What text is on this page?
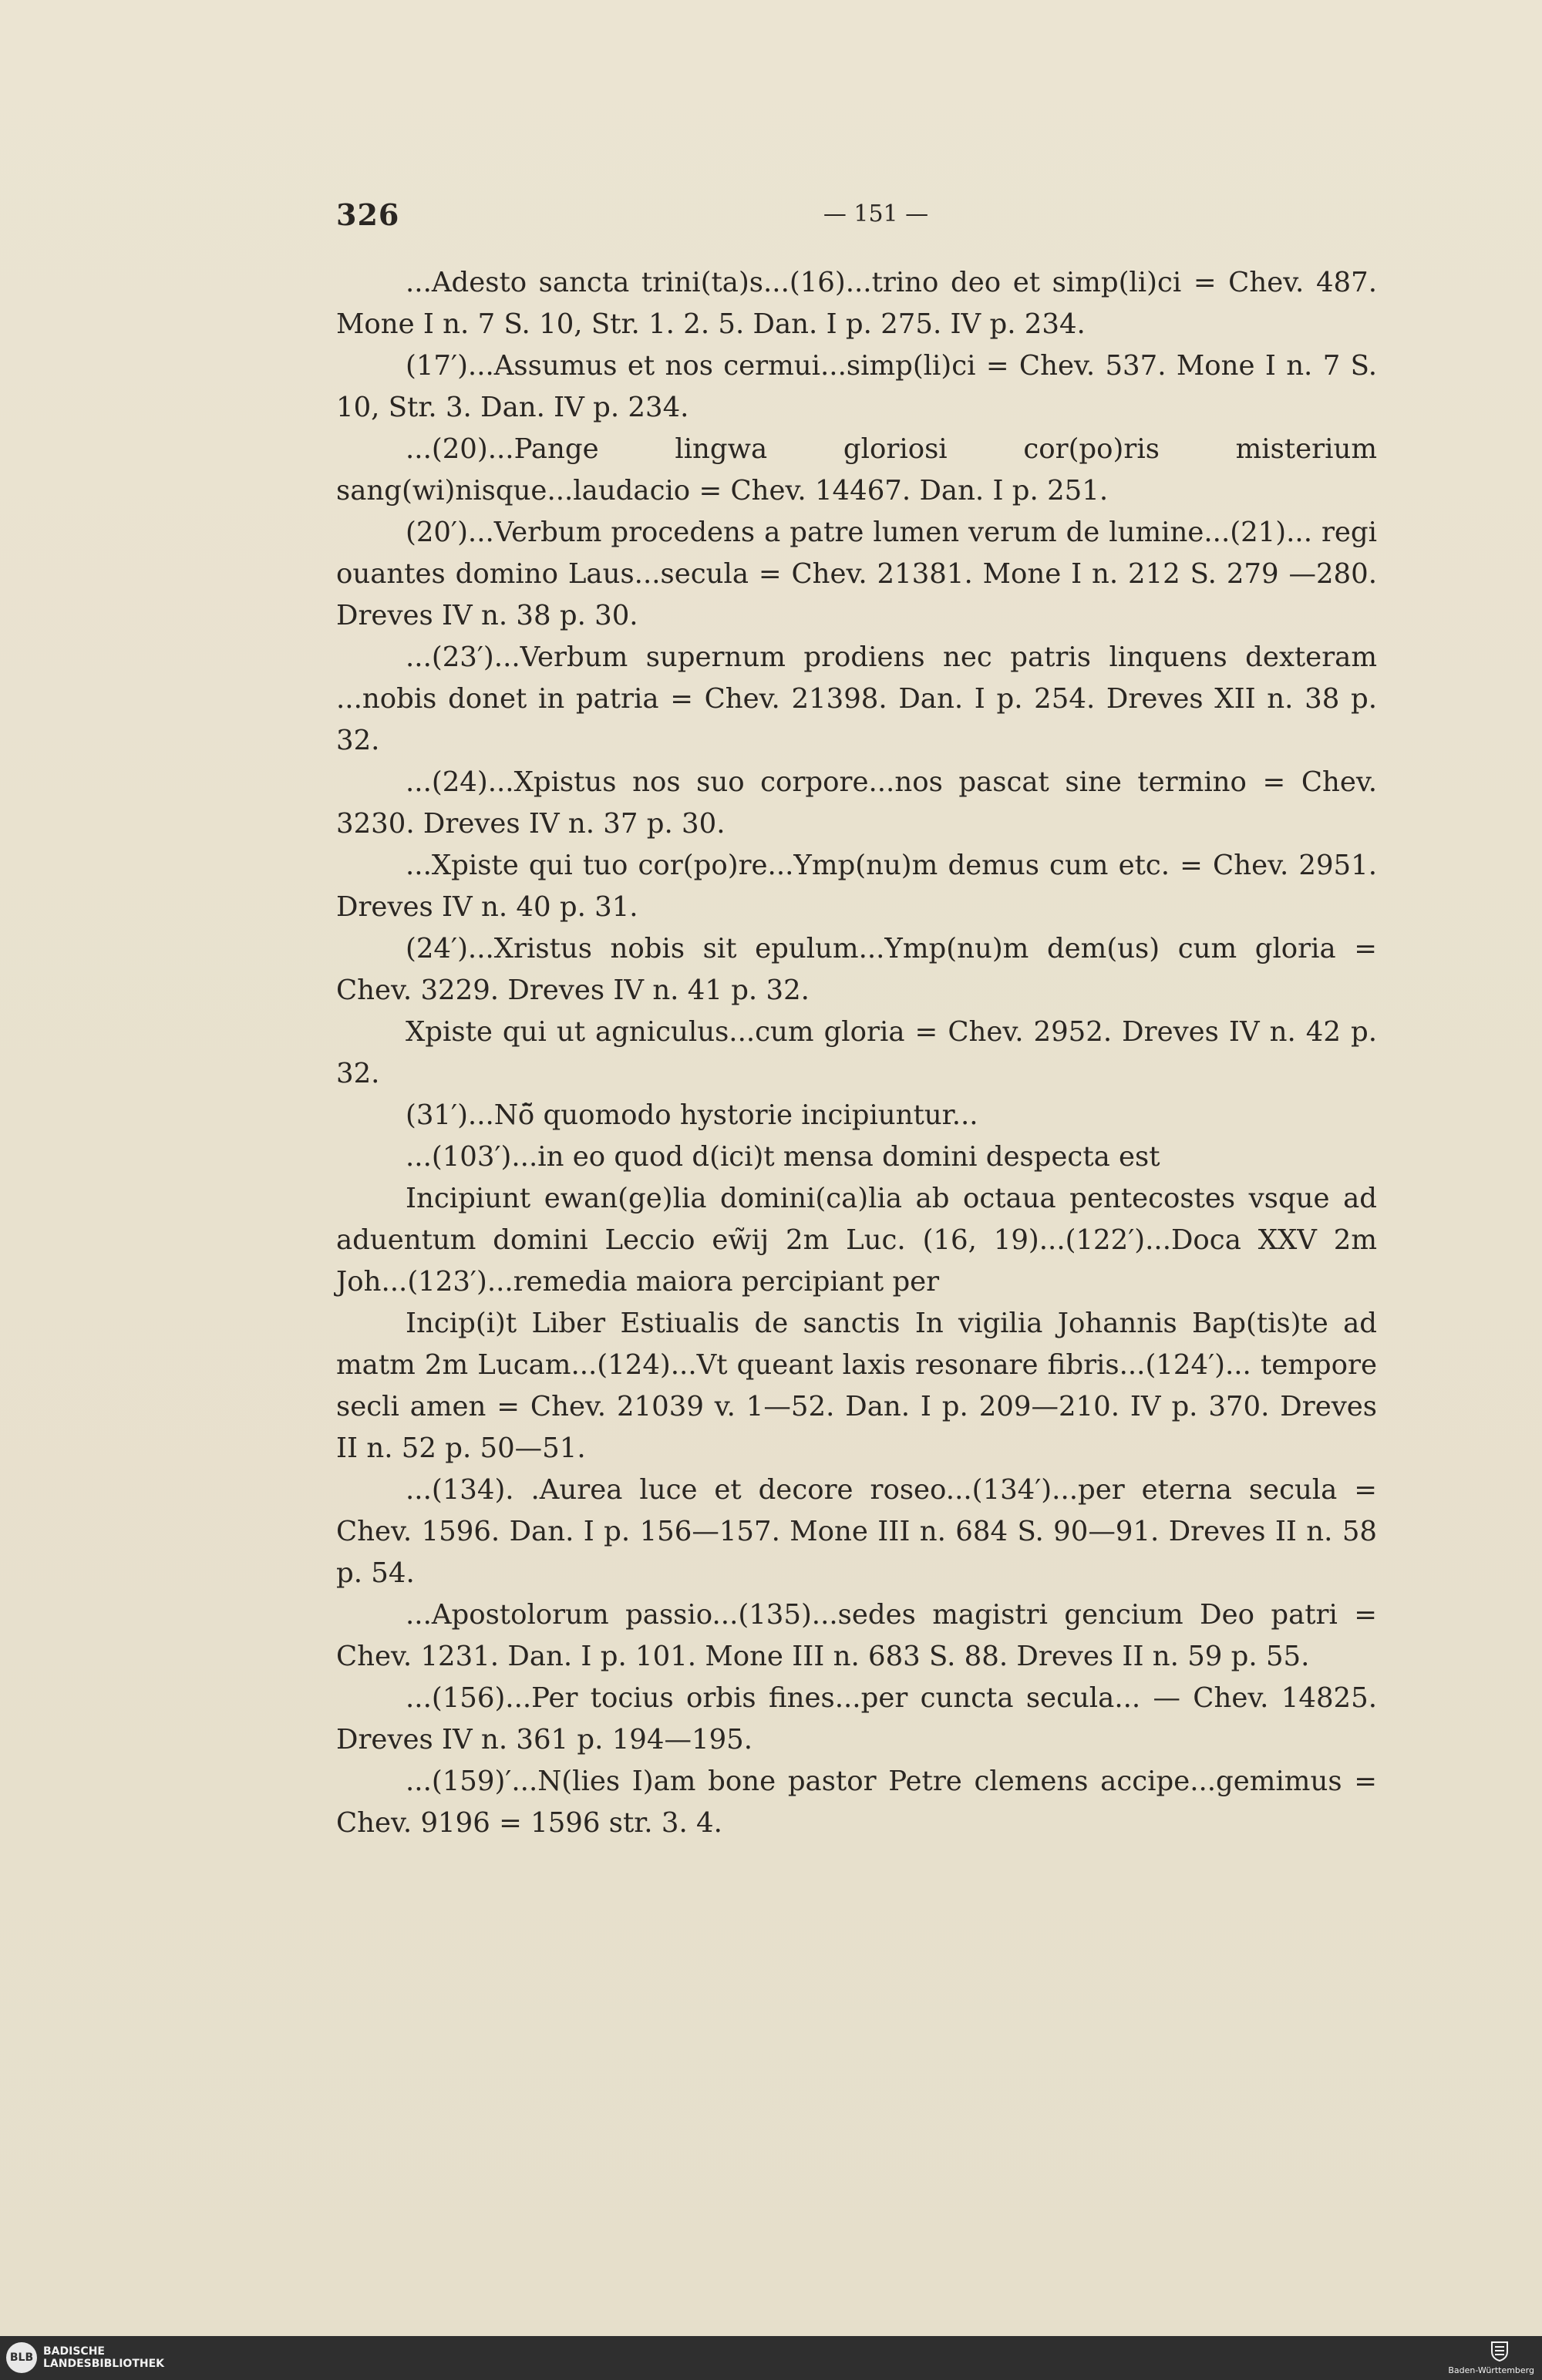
326	— 151 —

...Adesto sancta trini(ta)s...(16)...trino deo et simp(li)ci = Chev. 487. Mone I n. 7 S. 10, Str. 1. 2. 5. Dan. I p. 275. IV p. 234.

(17′)...Assumus et nos cermui...simp(li)ci = Chev. 537. Mone I n. 7 S. 10, Str. 3. Dan. IV p. 234.

...(20)...Pange lingwa gloriosi cor(po)ris misterium sang(wi)nisque...laudacio = Chev. 14467. Dan. I p. 251.

(20′)...Verbum procedens a patre lumen verum de lumine...(21)... regi ouantes domino Laus...secula = Chev. 21381. Mone I n. 212 S. 279 —280. Dreves IV n. 38 p. 30.

...(23′)...Verbum supernum prodiens nec patris linquens dexteram ...nobis donet in patria = Chev. 21398. Dan. I p. 254. Dreves XII n. 38 p. 32.

...(24)...Xpistus nos suo corpore...nos pascat sine termino = Chev. 3230. Dreves IV n. 37 p. 30.

...Xpiste qui tuo cor(po)re...Ymp(nu)m demus cum etc. = Chev. 2951. Dreves IV n. 40 p. 31.

(24′)...Xristus nobis sit epulum...Ymp(nu)m dem(us) cum gloria = Chev. 3229. Dreves IV n. 41 p. 32.

Xpiste qui ut agniculus...cum gloria = Chev. 2952. Dreves IV n. 42 p. 32.

(31′)...Nō̃ quomodo hystorie incipiuntur...

...(103′)...in eo quod d(ici)t mensa domini despecta est

Incipiunt ewan(ge)lia domini(ca)lia ab octaua pentecostes vsque ad aduentum domini Leccio ew̃ij 2m Luc. (16, 19)...(122′)...Doca XXV 2m Joh...(123′)...remedia maiora percipiant per

Incip(i)t Liber Estiualis de sanctis In vigilia Johannis Bap(tis)te ad matm 2m Lucam...(124)...Vt queant laxis resonare fibris...(124′)... tempore secli amen = Chev. 21039 v. 1—52. Dan. I p. 209—210. IV p. 370. Dreves II n. 52 p. 50—51.

...(134). .Aurea luce et decore roseo...(134′)...per eterna secula = Chev. 1596. Dan. I p. 156—157. Mone III n. 684 S. 90—91. Dreves II n. 58 p. 54.

...Apostolorum passio...(135)...sedes magistri gencium Deo patri = Chev. 1231. Dan. I p. 101. Mone III n. 683 S. 88. Dreves II n. 59 p. 55.

...(156)...Per tocius orbis fines...per cuncta secula... — Chev. 14825. Dreves IV n. 361 p. 194—195.

...(159)′...N(lies I)am bone pastor Petre clemens accipe...gemimus = Chev. 9196 = 1596 str. 3. 4.

BLB BADISCHE
LANDESBIBLIOTHEK
Baden-Württemberg
